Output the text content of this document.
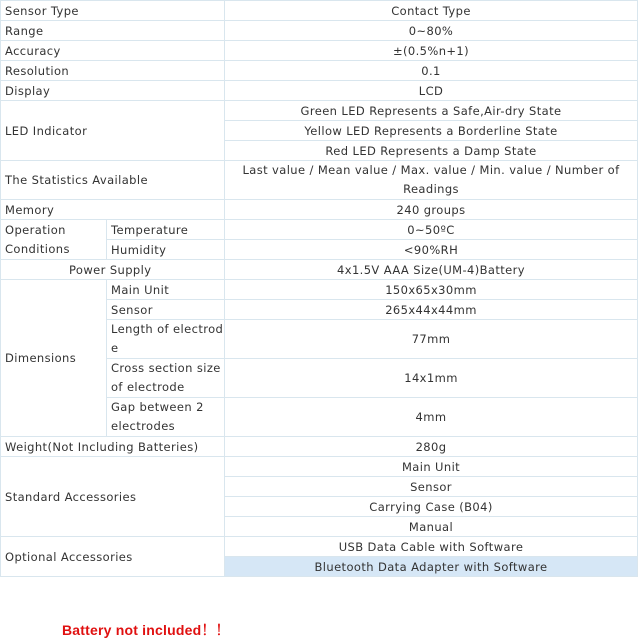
Sensor Type		Contact Type
Range		0~80%
Accuracy		±(0.5%n+1)
Resolution		0.1
Display		LCD
LED Indicator		Green LED Represents a Safe,Air-dry State
		Yellow LED Represents a Borderline State
		Red LED Represents a Damp State
The Statistics Available		Last value / Mean value / Max. value / Min. value / Number of Readings
Memory		240 groups
Operation Conditions	Temperature	0~50ºC
	Humidity	<90%RH
Power Supply		4x1.5V AAA Size(UM-4)Battery
Dimensions	Main Unit	150x65x30mm
	Sensor	265x44x44mm
	Length of electrode	77mm
	Cross section size of electrode	14x1mm
	Gap between 2 electrodes	4mm
Weight(Not Including Batteries)		280g
Standard Accessories		Main Unit
		Sensor
		Carrying Case (B04)
		Manual
Optional Accessories		USB Data Cable with Software
		Bluetooth Data Adapter with Software
Battery not included！！
